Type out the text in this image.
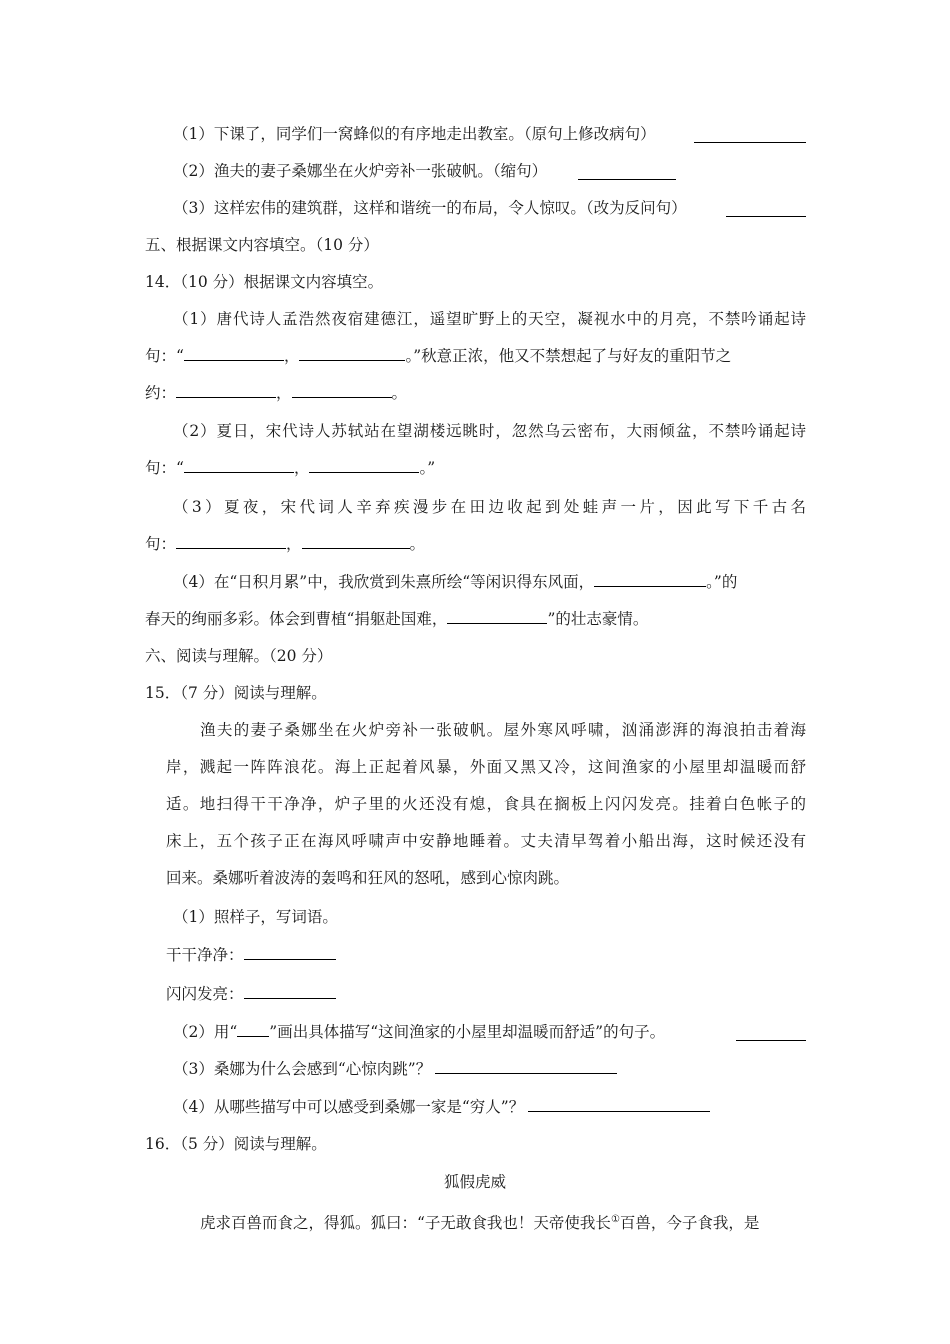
（1）下课了，同学们一窝蜂似的有序地走出教室。（原句上修改病句）
（2）渔夫的妻子桑娜坐在火炉旁补一张破帆。（缩句）
（3）这样宏伟的建筑群，这样和谐统一的布局，令人惊叹。（改为反问句）
五、根据课文内容填空。（10 分）
14．（10 分）根据课文内容填空。
（1）唐代诗人孟浩然夜宿建德江，遥望旷野上的天空，凝视水中的月亮，不禁吟诵起诗
句：“	，	。”秋意正浓，他又不禁想起了与好友的重阳节之
约：	，	。
（2）夏日，宋代诗人苏轼站在望湖楼远眺时，忽然乌云密布，大雨倾盆，不禁吟诵起诗
句：“	，	。”
（3）夏夜，宋代词人辛弃疾漫步在田边收起到处蛙声一片，因此写下千古名
句：	，	。
（4）在“日积月累”中，我欣赏到朱熹所绘“等闲识得东风面，	。”的
春天的绚丽多彩。体会到曹植“捐躯赴国难，	”的壮志豪情。
六、阅读与理解。（20 分）
15．（7 分）阅读与理解。
渔夫的妻子桑娜坐在火炉旁补一张破帆。屋外寒风呼啸，汹涌澎湃的海浪拍击着海
岸，溅起一阵阵浪花。海上正起着风暴，外面又黑又冷，这间渔家的小屋里却温暖而舒
适。地扫得干干净净，炉子里的火还没有熄，食具在搁板上闪闪发亮。挂着白色帐子的
床上，五个孩子正在海风呼啸声中安静地睡着。丈夫清早驾着小船出海，这时候还没有
回来。桑娜听着波涛的轰鸣和狂风的怒吼，感到心惊肉跳。
（1）照样子，写词语。
干干净净：
闪闪发亮：
（2）用“ ”画出具体描写“这间渔家的小屋里却温暖而舒适”的句子。
（3）桑娜为什么会感到“心惊肉跳”？
（4）从哪些描写中可以感受到桑娜一家是“穷人”？
16．（5 分）阅读与理解。
狐假虎威
虎求百兽而食之，得狐。狐曰：“子无敢食我也！天帝使我长①百兽，今子食我，是
